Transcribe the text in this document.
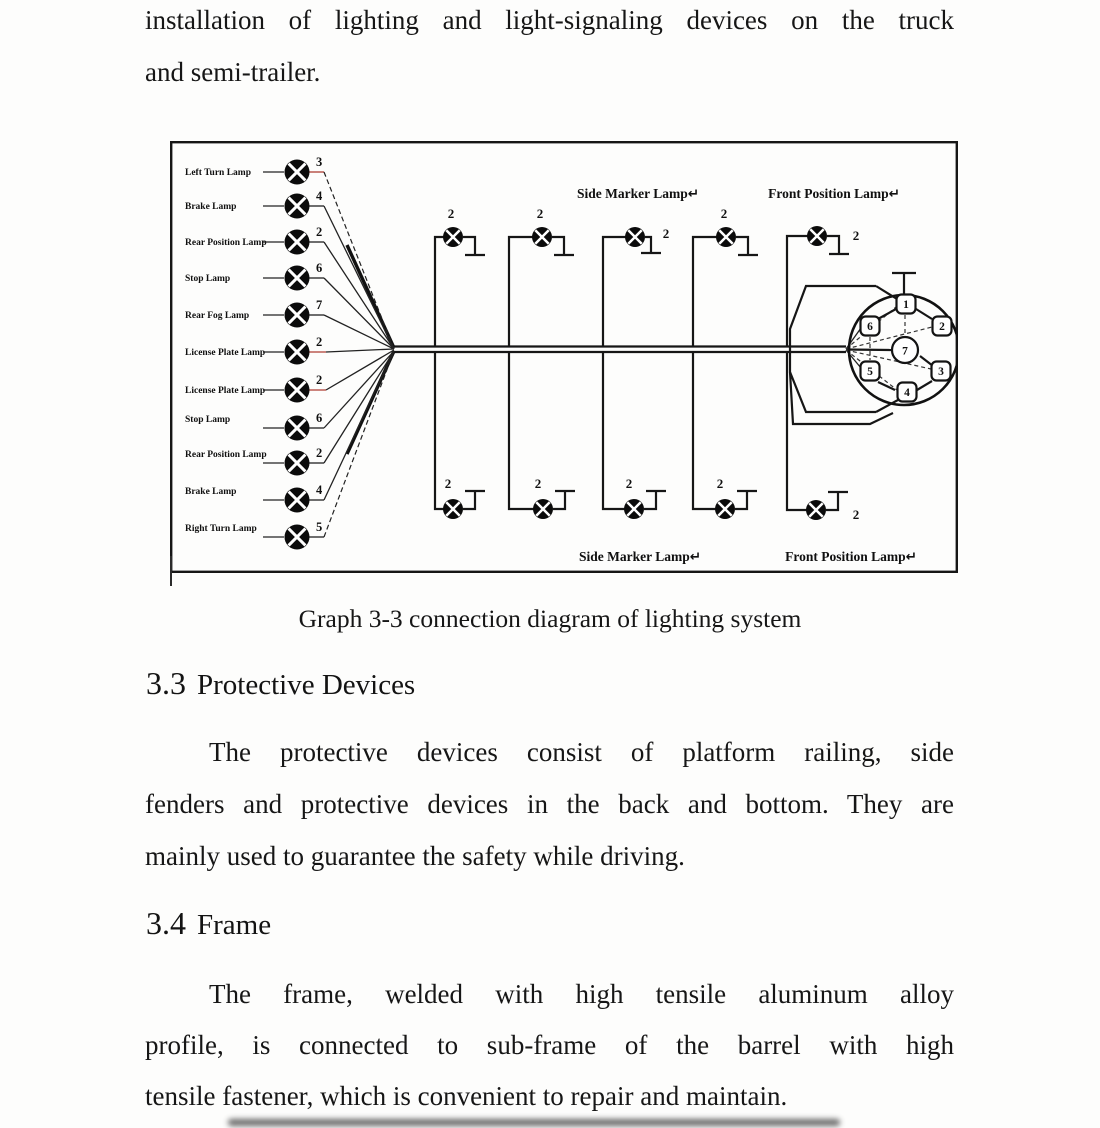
installation of lighting and light-signaling devices on the truck
and semi-trailer.
Left Turn Lamp
3
Brake Lamp
4
Rear Position Lamp
2
Stop Lamp
6
Rear Fog Lamp
7
License Plate Lamp
2
License Plate Lamp
2
Stop Lamp	6
Rear Position Lamp	2
Brake Lamp	4
Right Turn Lamp	5
Side Marker Lamp↵	Front Position Lamp↵
Side Marker Lamp↵	Front Position Lamp↵
2	2
2
2
2
2	2	2	2
2
1
2
3
4
5
6
7
Graph 3-3 connection diagram of lighting system
3.3 Protective Devices
The protective devices consist of platform railing, side
fenders and protective devices in the back and bottom. They are
mainly used to guarantee the safety while driving.
3.4 Frame
The frame, welded with high tensile aluminum alloy
profile, is connected to sub-frame of the barrel with high
tensile fastener, which is convenient to repair and maintain.
